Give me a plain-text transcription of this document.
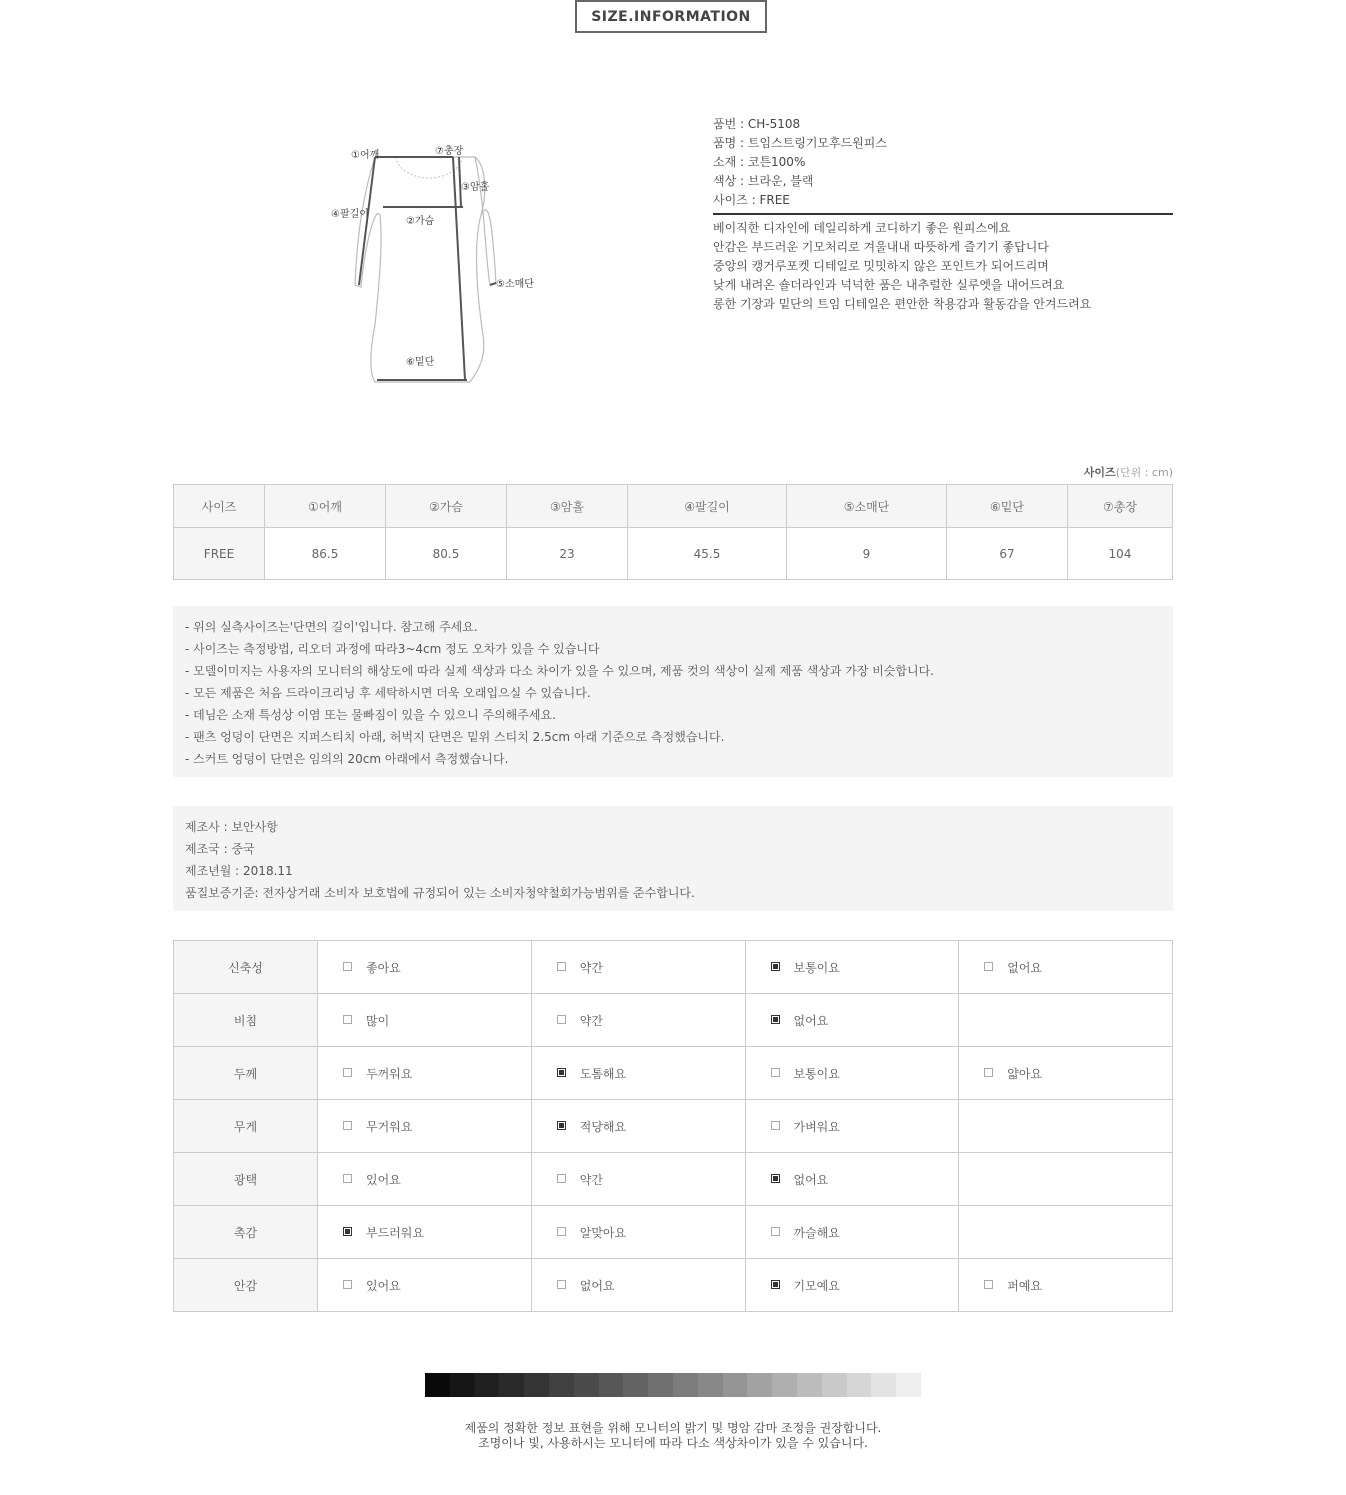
SIZE.INFORMATION
①어깨	⑦총장
③암홀
④팔길이
②가슴
⑤소매단
⑥밑단
품번 : CH-5108
품명 : 트임스트링기모후드원피스
소재 : 코튼100%
색상 : 브라운, 블랙
사이즈 : FREE
베이직한 디자인에 데일리하게 코디하기 좋은 원피스에요
안감은 부드러운 기모처리로 겨울내내 따뜻하게 즐기기 좋답니다
중앙의 캥거루포켓 디테일로 밋밋하지 않은 포인트가 되어드리며
낮게 내려온 숄더라인과 넉넉한 품은 내추럴한 실루엣을 내어드려요
롱한 기장과 밑단의 트임 디테일은 편안한 착용감과 활동감을 안겨드려요
사이즈(단위 : cm)
사이즈	①어깨	②가슴	③암홀	④팔길이	⑤소매단	⑥밑단	⑦총장
FREE	86.5	80.5	23	45.5	9	67	104
- 위의 실측사이즈는'단면의 길이'입니다. 참고해 주세요.
- 사이즈는 측정방법, 리오더 과정에 따라3~4cm 정도 오차가 있을 수 있습니다
- 모델이미지는 사용자의 모니터의 해상도에 따라 실제 색상과 다소 차이가 있을 수 있으며, 제품 컷의 색상이 실제 제품 색상과 가장 비슷합니다.
- 모든 제품은 처음 드라이크리닝 후 세탁하시면 더욱 오래입으실 수 있습니다.
- 데님은 소재 특성상 이염 또는 물빠짐이 있을 수 있으니 주의해주세요.
- 팬츠 엉덩이 단면은 지퍼스티치 아래, 허벅지 단면은 밑위 스티치 2.5cm 아래 기준으로 측정했습니다.
- 스커트 엉덩이 단면은 임의의 20cm 아래에서 측정했습니다.
제조사 : 보안사항
제조국 : 중국
제조년월 : 2018.11
품질보증기준: 전자상거래 소비자 보호법에 규정되어 있는 소비자청약철회가능범위를 준수합니다.
신축성	좋아요	약간	보통이요	없어요
비침	많이	약간	없어요	
두께	두꺼워요	도톰해요	보통이요	얇아요
무게	무거워요	적당해요	가벼워요	
광택	있어요	약간	없어요	
촉감	부드러워요	알맞아요	까슬해요	
안감	있어요	없어요	기모예요	퍼예요
제품의 정확한 정보 표현을 위해 모니터의 밝기 및 명암 감마 조정을 권장합니다.
조명이나 빛, 사용하시는 모니터에 따라 다소 색상차이가 있을 수 있습니다.
